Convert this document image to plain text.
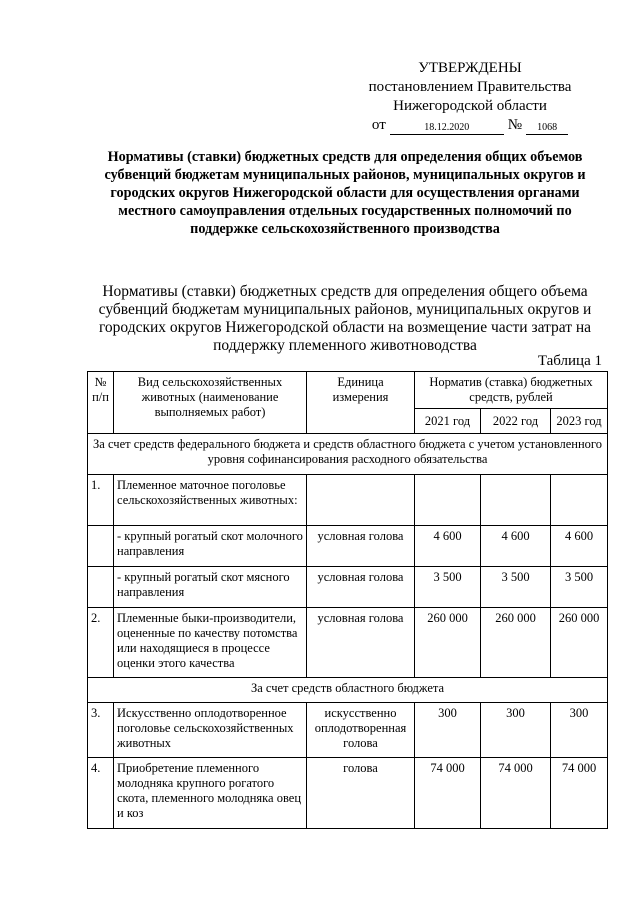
УТВЕРЖДЕНЫ
постановлением Правительства
Нижегородской области
от	18.12.2020	№	1068
Нормативы (ставки) бюджетных средств для определения общих объемов субвенций бюджетам муниципальных районов, муниципальных округов и городских округов Нижегородской области для осуществления органами местного самоуправления отдельных государственных полномочий по поддержке сельскохозяйственного производства
Нормативы (ставки) бюджетных средств для определения общего объема субвенций бюджетам муниципальных районов, муниципальных округов и городских округов Нижегородской области на возмещение части затрат на поддержку племенного животноводства
Таблица 1
№ п/п	Вид сельскохозяйственных животных (наименование выполняемых работ)	Единица измерения	Норматив (ставка) бюджетных средств, рублей		
			2021 год	2022 год	2023 год
За счет средств федерального бюджета и средств областного бюджета с учетом установленного уровня софинансирования расходного обязательства					
1.	Племенное маточное поголовье сельскохозяйственных животных:				
	- крупный рогатый скот молочного направления	условная голова	4 600	4 600	4 600
	- крупный рогатый скот мясного направления	условная голова	3 500	3 500	3 500
2.	Племенные быки-производители, оцененные по качеству потомства или находящиеся в процессе оценки этого качества	условная голова	260 000	260 000	260 000
За счет средств областного бюджета					
3.	Искусственно оплодотворенное поголовье сельскохозяйственных животных	искусственно оплодотворенная голова	300	300	300
4.	Приобретение племенного молодняка крупного рогатого скота, племенного молодняка овец и коз	голова	74 000	74 000	74 000
